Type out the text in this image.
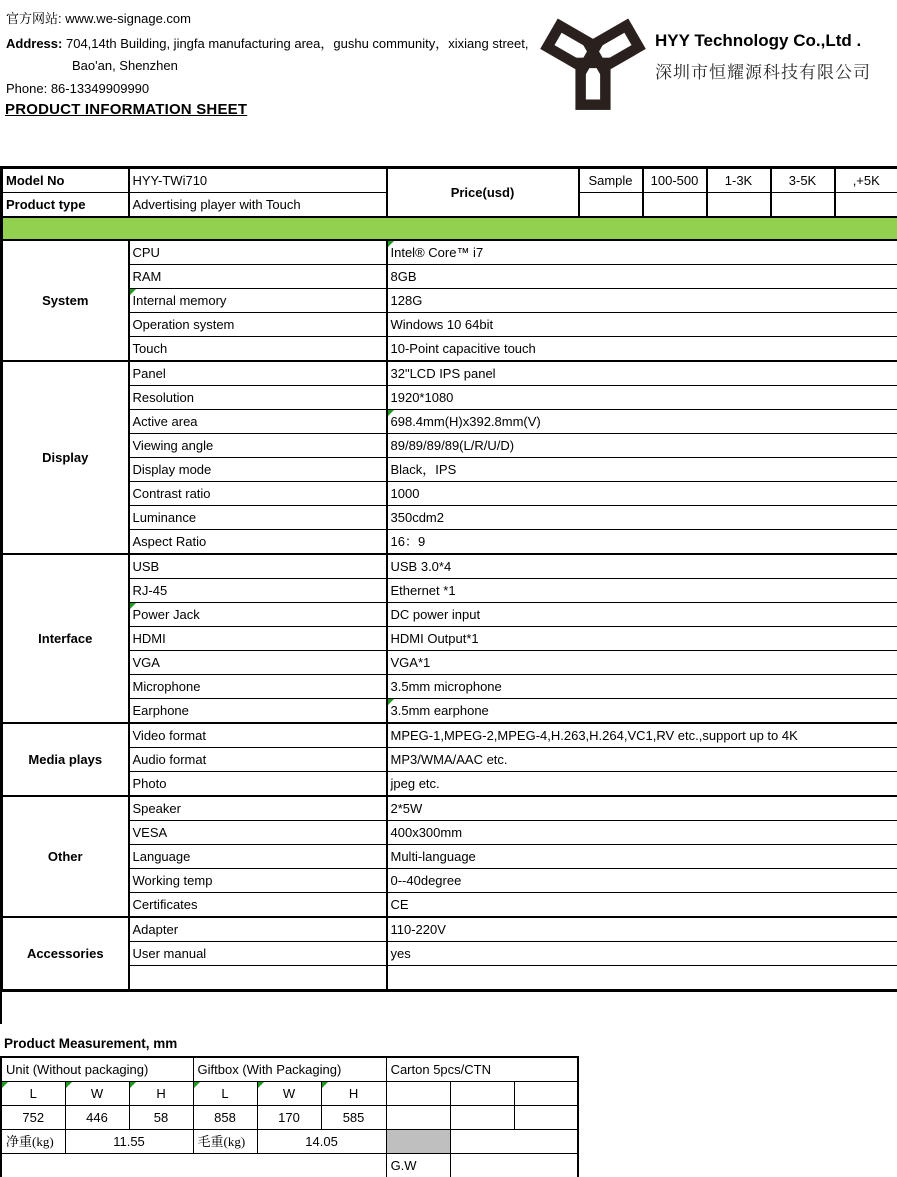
官方网站: www.we-signage.com
Address: 704,14th Building, jingfa manufacturing area，gushu community，xixiang street,
Bao'an, Shenzhen
Phone: 86-13349909990
PRODUCT INFORMATION SHEET
HYY Technology Co.,Ltd .
深圳市恒耀源科技有限公司
Model No	HYY-TWi710	Price(usd)	Sample	100-500	1-3K	3-5K	,+5K
Product type	Advertising player with Touch						

System	CPU	Intel® Core™ i7					
	RAM	8GB					
	Internal memory	128G					
	Operation system	Windows 10 64bit					
	Touch	10-Point capacitive touch					
Display	Panel	32"LCD IPS panel					
	Resolution	1920*1080					
	Active area	698.4mm(H)x392.8mm(V)					
	Viewing angle	89/89/89/89(L/R/U/D)					
	Display mode	Black，IPS					
	Contrast ratio	1000					
	Luminance	350cdm2					
	Aspect Ratio	16：9					
Interface	USB	USB 3.0*4					
	RJ-45	Ethernet *1					
	Power Jack	DC power input					
	HDMI	HDMI Output*1					
	VGA	VGA*1					
	Microphone	3.5mm microphone					
	Earphone	3.5mm earphone					
Media plays	Video format	MPEG-1,MPEG-2,MPEG-4,H.263,H.264,VC1,RV etc.,support up to 4K					
	Audio format	MP3/WMA/AAC etc.					
	Photo	jpeg etc.					
Other	Speaker	2*5W					
	VESA	400x300mm					
	Language	Multi-language					
	Working temp	0--40degree					
	Certificates	CE					
Accessories	Adapter	110-220V					
	User manual	yes					

Product Measurement, mm
Unit (Without packaging)			Giftbox (With Packaging)			Carton 5pcs/CTN		
L	W	H	L	W	H			
752	446	58	858	170	585			
净重(kg)	11.55		毛重(kg)	14.05				
						G.W		
